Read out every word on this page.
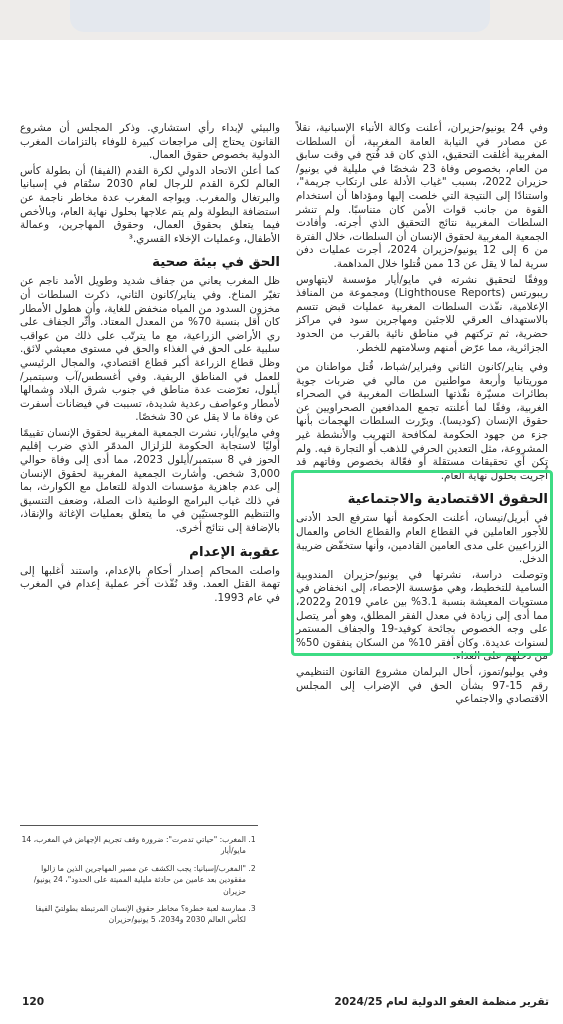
وفي 24 يونيو/حزيران، أعلنت وكالة الأنباء الإسبانية، نقلاً عن مصادر في النيابة العامة المغربية، أن السلطات المغربية أغلقت التحقيق، الذي كان قد فُتح في وقت سابق من العام، بخصوص وفاة 23 شخصًا في مليلية في يونيو/حزيران 2022، بسبب "غياب الأدلة على ارتكاب جريمة"، واستنادًا إلى النتيجة التي خلصت إليها ومؤداها أن استخدام القوة من جانب قوات الأمن كان متناسبًا. ولم تنشر السلطات المغربية نتائج التحقيق الذي أجرته. وأفادت الجمعية المغربية لحقوق الإنسان أن السلطات، خلال الفترة من 6 إلى 12 يونيو/حزيران 2024، أجرت عمليات دفن سرية لما لا يقل عن 13 ممن قُتلوا خلال المداهمة.

ووفقًا لتحقيق نشرته في مايو/أيار مؤسسة لايتهاوس ريبورتس (Lighthouse Reports) ومجموعة من المنافذ الإعلامية، نفّذت السلطات المغربية عمليات قبض تتسم بالاستهداف العرقي للاجئين ومهاجرين سود في مراكز حضرية، ثم تركتهم في مناطق نائية بالقرب من الحدود الجزائرية، مما عرّض أمنهم وسلامتهم للخطر.

وفي يناير/كانون الثاني وفبراير/شباط، قُتل مواطنان من موريتانيا وأربعة مواطنين من مالي في ضربات جوية بطائرات مسيّرة نفّذتها السلطات المغربية في الصحراء الغربية، وفقًا لما أعلنته تجمع المدافعين الصحراويين عن حقوق الإنسان (كوديسا). وبرّرت السلطات الهجمات بأنها جزء من جهود الحكومة لمكافحة التهريب والأنشطة غير المشروعة، مثل التعدين الحرفي للذهب أو التجارة فيه. ولم تكن أي تحقيقات مستقلة أو فعّالة بخصوص وفاتهم قد أُجريت بحلول نهاية العام.

الحقوق الاقتصادية والاجتماعية

في أبريل/نيسان، أعلنت الحكومة أنها سترفع الحد الأدنى للأجور العاملين في القطاع العام والقطاع الخاص والعمال الزراعيين على مدى العامين القادمين، وأنها ستخفّض ضريبة الدخل.

وتوصلت دراسة، نشرتها في يونيو/حزيران المندوبية السامية للتخطيط، وهي مؤسسة الإحصاء، إلى انخفاض في مستويات المعيشة بنسبة 3.1% بين عامي 2019 و2022، مما أدى إلى زيادة في معدل الفقر المطلق، وهو أمر يتصل على وجه الخصوص بجائحة كوفيد-19 والجفاف المستمر لسنوات عديدة. وكان أفقر 10% من السكان ينفقون 50% من دخلهم على الغذاء.

وفي يوليو/تموز، أحال البرلمان مشروع القانون التنظيمي رقم 15-97 بشأن الحق في الإضراب إلى المجلس الاقتصادي والاجتماعي

والبيئي لإبداء رأي استشاري. وذكر المجلس أن مشروع القانون يحتاج إلى مراجعات كبيرة للوفاء بالتزامات المغرب الدولية بخصوص حقوق العمال.

كما أعلن الاتحاد الدولي لكرة القدم (الفيفا) أن بطولة كأس العالم لكرة القدم للرجال لعام 2030 ستُقام في إسبانيا والبرتغال والمغرب. ويواجه المغرب عدة مخاطر ناجمة عن استضافة البطولة ولم يتم علاجها بحلول نهاية العام، وبالأخص فيما يتعلق بحقوق العمال، وحقوق المهاجرين، وعمالة الأطفال، وعمليات الإخلاء القسري.³

الحق في بيئة صحية

ظل المغرب يعاني من جفاف شديد وطويل الأمد ناجم عن تغيّر المناخ. وفي يناير/كانون الثاني، ذكرت السلطات أن مخزون السدود من المياه منخفض للغاية، وأن هطول الأمطار كان أقل بنسبة 70% من المعدل المعتاد. وأثّر الجفاف على ري الأراضي الزراعية، مع ما يترتّب على ذلك من عواقب سلبية على الحق في الغذاء والحق في مستوى معيشي لائق. وظل قطاع الزراعة أكبر قطاع اقتصادي، والمجال الرئيسي للعمل في المناطق الريفية. وفي أغسطس/آب وسبتمبر/أيلول، تعرّضت عدة مناطق في جنوب شرق البلاد وشمالها لأمطار وعواصف رعدية شديدة، تسببت في فيضانات أسفرت عن وفاة ما لا يقل عن 30 شخصًا.

وفي مايو/أيار، نشرت الجمعية المغربية لحقوق الإنسان تقييمًا أوليًا لاستجابة الحكومة للزلزال المدمّر الذي ضرب إقليم الحوز في 8 سبتمبر/أيلول 2023، مما أدى إلى وفاة حوالي 3,000 شخص. وأشارت الجمعية المغربية لحقوق الإنسان إلى عدم جاهزية مؤسسات الدولة للتعامل مع الكوارث، بما في ذلك غياب البرامج الوطنية ذات الصلة، وضعف التنسيق والتنظيم اللوجستيّين في ما يتعلق بعمليات الإغاثة والإنقاذ، بالإضافة إلى نتائج أخرى.

عقوبة الإعدام

واصلت المحاكم إصدار أحكام بالإعدام، واستند أغلبها إلى تهمة القتل العمد. وقد نُفّذت آخر عملية إعدام في المغرب في عام 1993.

1. المغرب: "حياتي تدمرت": ضرورة وقف تجريم الإجهاض في المغرب، 14 مايو/أيار
2. "المغرب/إسبانيا: يجب الكشف عن مصير المهاجرين الذين ما زالوا مفقودين بعد عامين من حادثة مليلية المميتة على الحدود"، 24 يونيو/حزيران
3. ممارسة لعبة خطرة؟ مخاطر حقوق الإنسان المرتبطة بطولتيّ الفيفا لكأس العالم 2030 و2034، 5 يونيو/حزيران
تقرير منظمة العفو الدولية لعام 2024/25
120
